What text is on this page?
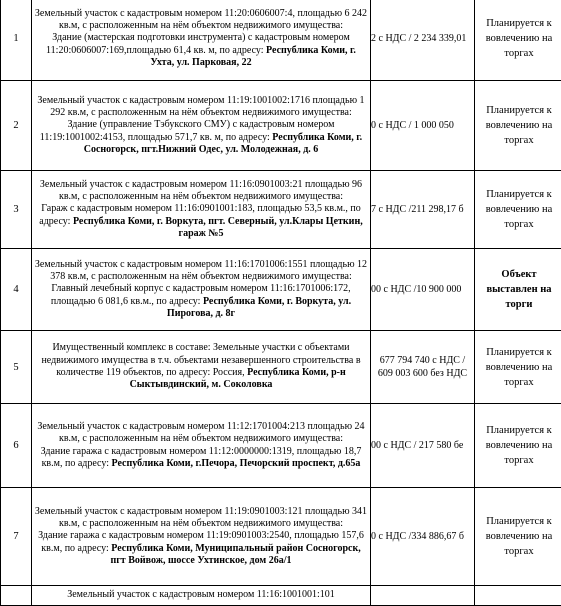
1	Земельный участок с кадастровым номером 11:20:0606007:4, площадью 6 242 кв.м, с расположенным на нём объектом недвижимого имущества:
Здание (мастерская подготовки инструмента) с кадастровым номером 11:20:0606007:169,площадью 61,4 кв. м, по адресу: Республика Коми, г. Ухта, ул. Парковая, 22	2 с НДС / 2 234 339,01	Планируется к вовлечению на торгах
2	Земельный участок с кадастровым номером 11:19:1001002:1716 площадью 1 292 кв.м, с расположенным на нём объектом недвижимого имущества:
Здание (управление Тэбукского СМУ) с кадастровым номером 11:19:1001002:4153, площадью 571,7 кв. м, по адресу: Республика Коми, г. Сосногорск, пгт.Нижний Одес, ул. Молодежная, д. 6	0 с НДС / 1 000 050	Планируется к вовлечению на торгах
3	Земельный участок с кадастровым номером 11:16:0901003:21 площадью 96 кв.м, с расположенным на нём объектом недвижимого имущества:
Гараж с кадастровым номером 11:16:0901001:183, площадью 53,5 кв.м., по адресу: Республика Коми, г. Воркута, пгт. Северный, ул.Клары Цеткин, гараж №5	7 с НДС /211 298,17 б	Планируется к вовлечению на торгах
4	Земельный участок с кадастровым номером 11:16:1701006:1551 площадью 12 378 кв.м, с расположенным на нём объектом недвижимого имущества:
Главный лечебный корпус с кадастровым номером 11:16:1701006:172, площадью 6 081,6 кв.м., по адресу: Республика Коми, г. Воркута, ул. Пирогова, д. 8г	00 с НДС /10 900 000	Объект выставлен на торги
5	Имущественный комплекс в составе: Земельные участки с объектами недвижимого имущества в т.ч. объектами незавершенного строительства в количестве 119 объектов, по адресу: Россия, Республика Коми, р-н Сыктывдинский, м. Соколовка	677 794 740 с НДС / 609 003 600 без НДС	Планируется к вовлечению на торгах
6	Земельный участок с кадастровым номером 11:12:1701004:213 площадью 24 кв.м, с расположенным на нём объектом недвижимого имущества:
Здание гаража с кадастровым номером 11:12:0000000:1319, площадью 18,7 кв.м, по адресу: Республика Коми, г.Печора, Печорский проспект, д.65а	00 с НДС / 217 580 бе	Планируется к вовлечению на торгах
7	Земельный участок с кадастровым номером 11:19:0901003:121 площадью 341 кв.м, с расположенным на нём объектом недвижимого имущества:
Здание гаража с кадастровым номером 11:19:0901003:2540, площадью 157,6 кв.м, по адресу: Республика Коми, Муниципальный район Сосногорск, пгт Войвож, шоссе Ухтинское, дом 26а/1	0 с НДС /334 886,67 б	Планируется к вовлечению на торгах

	Земельный участок с кадастровым номером 11:16:1001001:101		
